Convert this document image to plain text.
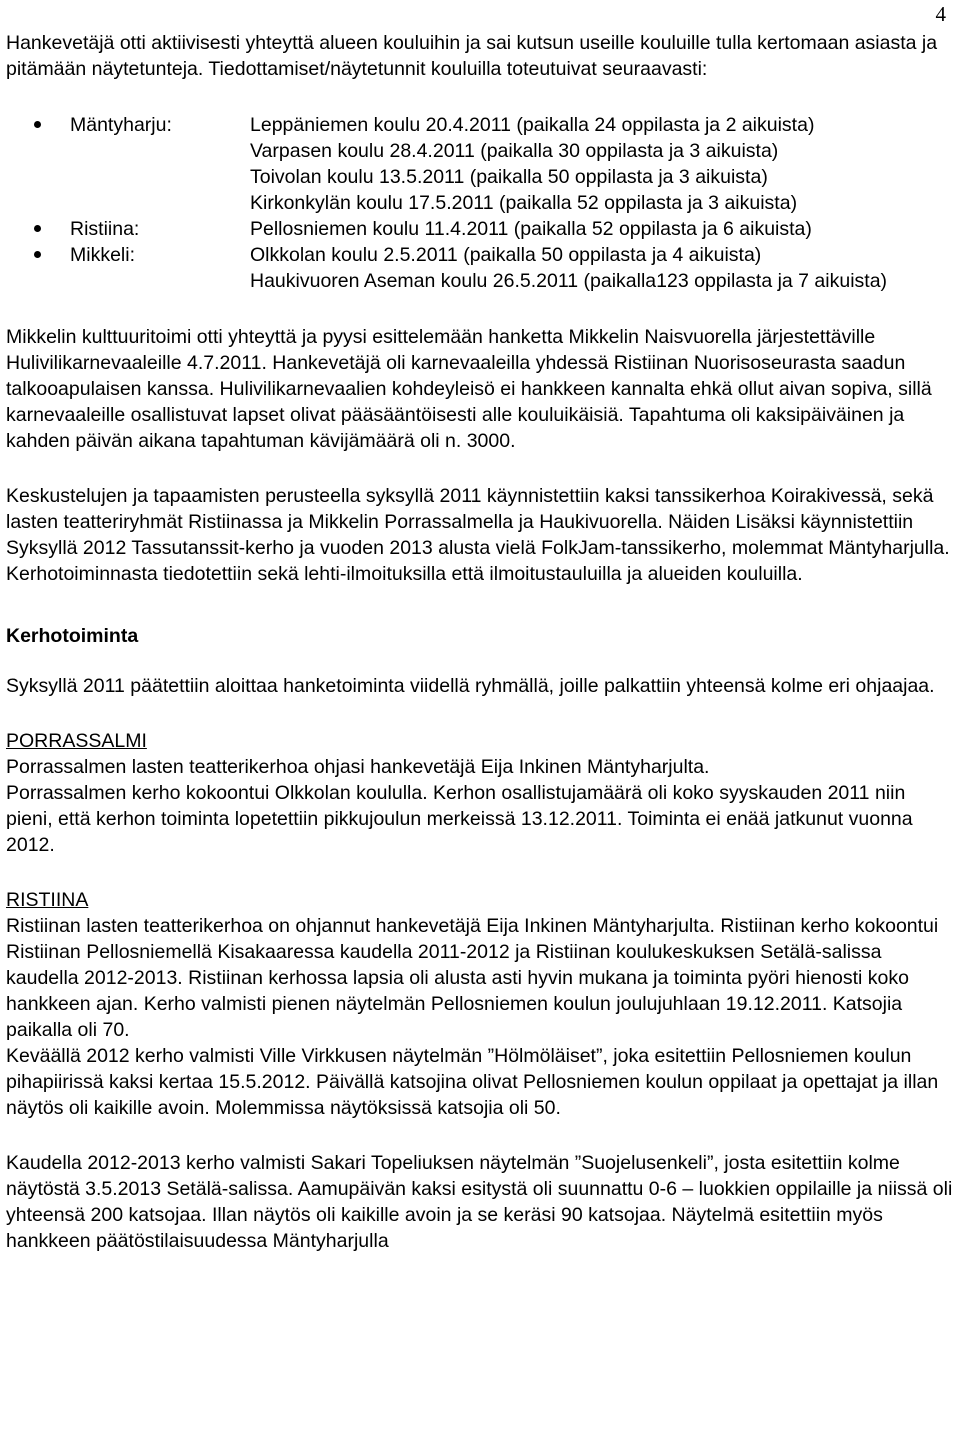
4

Hankevetäjä otti aktiivisesti yhteyttä alueen kouluihin ja sai kutsun useille kouluille tulla kertomaan asiasta ja pitämään näytetunteja. Tiedottamiset/näytetunnit kouluilla toteutuivat seuraavasti:

Mäntyharju:	Leppäniemen koulu 20.4.2011 (paikalla 24 oppilasta ja 2 aikuista)
Varpasen koulu 28.4.2011 (paikalla 30 oppilasta ja 3 aikuista)
Toivolan koulu 13.5.2011 (paikalla 50 oppilasta ja 3 aikuista)
Kirkonkylän koulu 17.5.2011 (paikalla 52 oppilasta ja 3 aikuista)
Ristiina:	Pellosniemen koulu 11.4.2011 (paikalla 52 oppilasta ja 6 aikuista)
Mikkeli:	Olkkolan koulu 2.5.2011 (paikalla 50 oppilasta ja 4 aikuista)
Haukivuoren Aseman koulu 26.5.2011 (paikalla123 oppilasta ja 7 aikuista)

Mikkelin kulttuuritoimi otti yhteyttä ja pyysi esittelemään hanketta Mikkelin Naisvuorella järjestettäville Hulivilikarnevaaleille 4.7.2011. Hankevetäjä oli karnevaaleilla yhdessä Ristiinan Nuorisoseurasta saadun talkooapulaisen kanssa. Hulivilikarnevaalien kohdeyleisö ei hankkeen kannalta ehkä ollut aivan sopiva, sillä karnevaaleille osallistuvat lapset olivat pääsääntöisesti alle kouluikäisiä. Tapahtuma oli kaksipäiväinen ja kahden päivän aikana tapahtuman kävijämäärä oli n. 3000.

Keskustelujen ja tapaamisten perusteella syksyllä 2011 käynnistettiin kaksi tanssikerhoa Koirakivessä, sekä lasten teatteriryhmät Ristiinassa ja Mikkelin Porrassalmella ja Haukivuorella. Näiden Lisäksi käynnistettiin Syksyllä 2012 Tassutanssit-kerho ja vuoden 2013 alusta vielä FolkJam-tanssikerho, molemmat Mäntyharjulla. Kerhotoiminnasta tiedotettiin sekä lehti-ilmoituksilla että ilmoitustauluilla ja alueiden kouluilla.

Kerhotoiminta

Syksyllä 2011 päätettiin aloittaa hanketoiminta viidellä ryhmällä, joille palkattiin yhteensä kolme eri ohjaajaa.

PORRASSALMI

Porrassalmen lasten teatterikerhoa ohjasi hankevetäjä Eija Inkinen Mäntyharjulta.

Porrassalmen kerho kokoontui Olkkolan koululla. Kerhon osallistujamäärä oli koko syyskauden 2011 niin pieni, että kerhon toiminta lopetettiin pikkujoulun merkeissä 13.12.2011. Toiminta ei enää jatkunut vuonna 2012.

RISTIINA

Ristiinan lasten teatterikerhoa on ohjannut hankevetäjä Eija Inkinen Mäntyharjulta. Ristiinan kerho kokoontui Ristiinan Pellosniemellä Kisakaaressa kaudella 2011-2012 ja Ristiinan koulukeskuksen Setälä-salissa kaudella 2012-2013. Ristiinan kerhossa lapsia oli alusta asti hyvin mukana ja toiminta pyöri hienosti koko hankkeen ajan. Kerho valmisti pienen näytelmän Pellosniemen koulun joulujuhlaan 19.12.2011. Katsojia paikalla oli 70.

Keväällä 2012 kerho valmisti Ville Virkkusen näytelmän ”Hölmöläiset”, joka esitettiin Pellosniemen koulun pihapiirissä kaksi kertaa 15.5.2012. Päivällä katsojina olivat Pellosniemen koulun oppilaat ja opettajat ja illan näytös oli kaikille avoin. Molemmissa näytöksissä katsojia oli 50.

Kaudella 2012-2013 kerho valmisti Sakari Topeliuksen näytelmän ”Suojelusenkeli”, josta esitettiin kolme näytöstä 3.5.2013 Setälä-salissa. Aamupäivän kaksi esitystä oli suunnattu 0-6 – luokkien oppilaille ja niissä oli yhteensä 200 katsojaa. Illan näytös oli kaikille avoin ja se keräsi 90 katsojaa. Näytelmä esitettiin myös hankkeen päätöstilaisuudessa Mäntyharjulla
